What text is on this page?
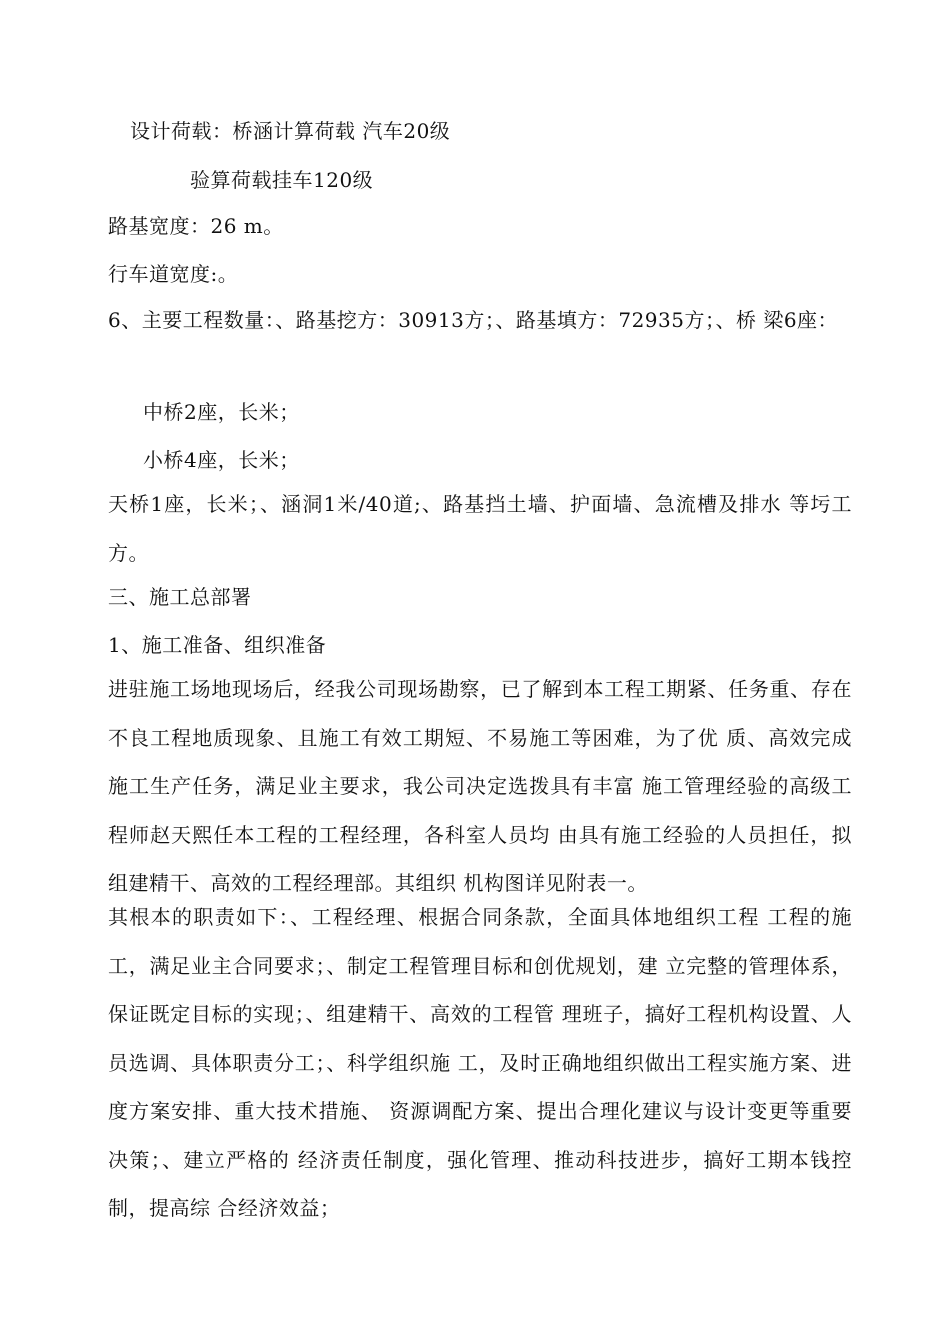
设计荷载：桥涵计算荷载 汽车20级
验算荷载挂车120级
路基宽度：26 m。
行车道宽度:。
6、主要工程数量：、路基挖方：30913方；、路基填方：72935方；、桥 梁6座：
中桥2座，长米；
小桥4座，长米；
天桥1座，长米；、涵洞1米/40道;、路基挡土墙、护面墙、急流槽及排水 等圬工方。
三、施工总部署
1、施工准备、组织准备
进驻施工场地现场后，经我公司现场勘察，已了解到本工程工期紧、任务重、存在不良工程地质现象、且施工有效工期短、不易施工等困难，为了优 质、高效完成施工生产任务，满足业主要求，我公司决定选拨具有丰富 施工管理经验的高级工程师赵天熙任本工程的工程经理，各科室人员均 由具有施工经验的人员担任，拟组建精干、高效的工程经理部。其组织 机构图详见附表一。
其根本的职责如下：、工程经理、根据合同条款，全面具体地组织工程 工程的施工，满足业主合同要求；、制定工程管理目标和创优规划，建 立完整的管理体系，保证既定目标的实现；、组建精干、高效的工程管 理班子，搞好工程机构设置、人员选调、具体职责分工；、科学组织施 工，及时正确地组织做出工程实施方案、进度方案安排、重大技术措施、 资源调配方案、提出合理化建议与设计变更等重要决策；、建立严格的 经济责任制度，强化管理、推动科技进步，搞好工期本钱控制，提高综 合经济效益；
